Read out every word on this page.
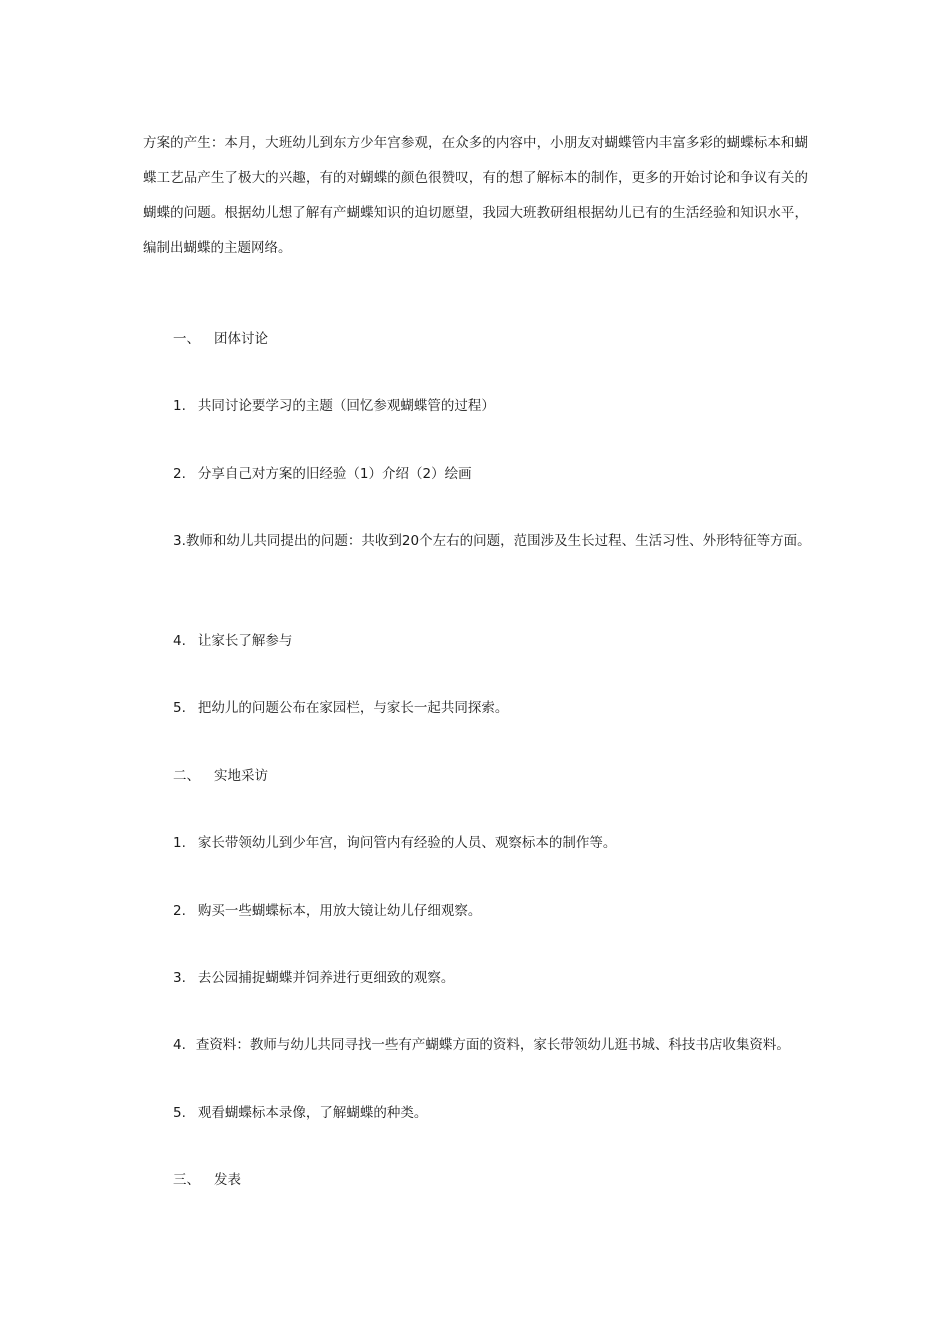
方案的产生：本月，大班幼儿到东方少年宫参观，在众多的内容中，小朋友对蝴蝶管内丰富多彩的蝴蝶标本和蝴蝶工艺品产生了极大的兴趣，有的对蝴蝶的颜色很赞叹，有的想了解标本的制作，更多的开始讨论和争议有关的蝴蝶的问题。根据幼儿想了解有产蝴蝶知识的迫切愿望，我园大班教研组根据幼儿已有的生活经验和知识水平，编制出蝴蝶的主题网络。

一、 团体讨论

1. 共同讨论要学习的主题（回忆参观蝴蝶管的过程）

2. 分享自己对方案的旧经验（1）介绍（2）绘画

3.教师和幼儿共同提出的问题：共收到20个左右的问题，范围涉及生长过程、生活习性、外形特征等方面。

4. 让家长了解参与

5. 把幼儿的问题公布在家园栏，与家长一起共同探索。

二、 实地采访

1. 家长带领幼儿到少年宫，询问管内有经验的人员、观察标本的制作等。

2. 购买一些蝴蝶标本，用放大镜让幼儿仔细观察。

3. 去公园捕捉蝴蝶并饲养进行更细致的观察。

4. 查资料：教师与幼儿共同寻找一些有产蝴蝶方面的资料，家长带领幼儿逛书城、科技书店收集资料。

5. 观看蝴蝶标本录像，了解蝴蝶的种类。

三、 发表
